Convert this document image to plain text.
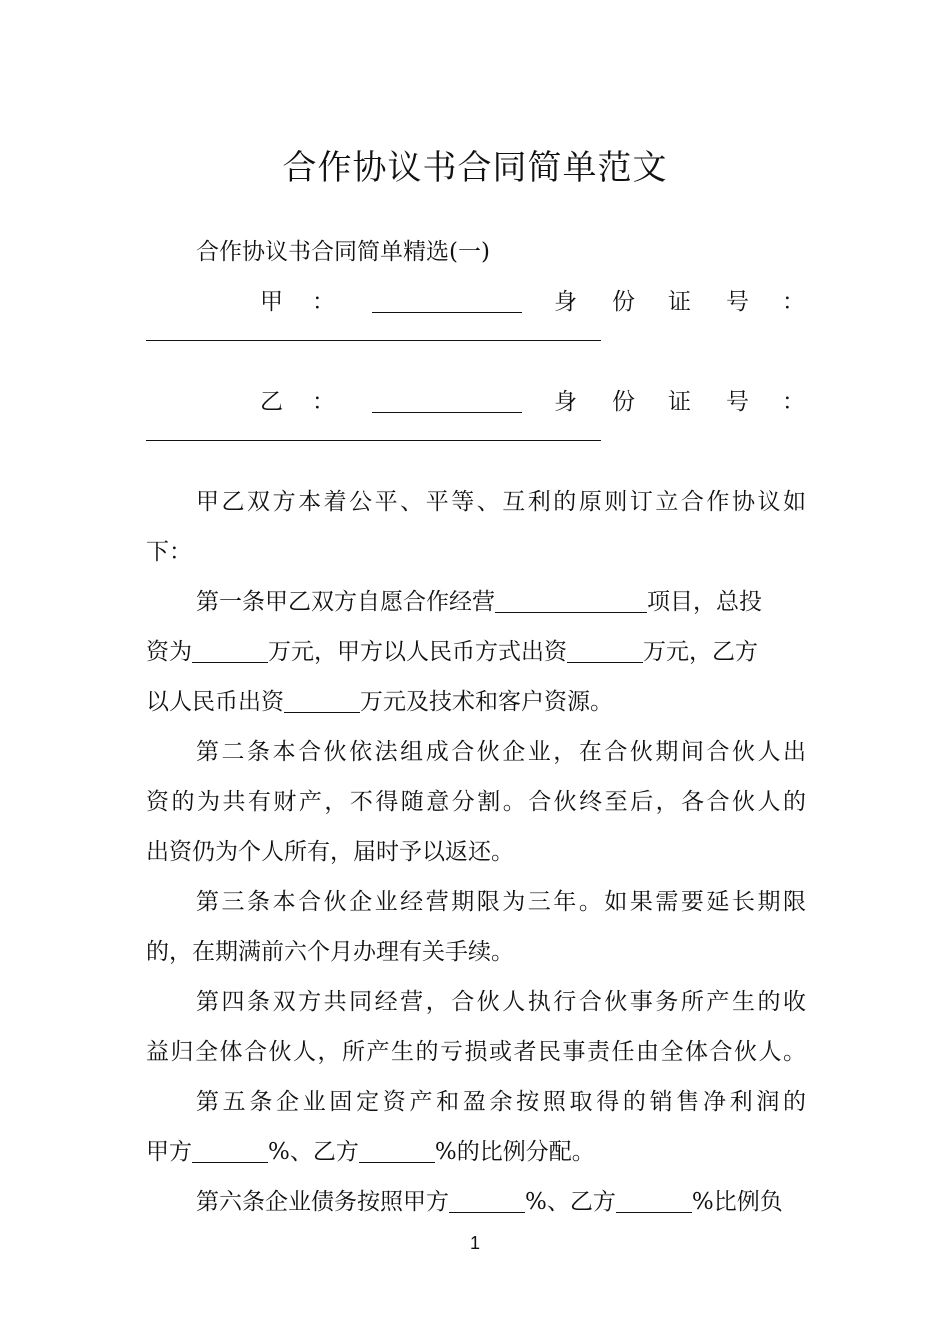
合作协议书合同简单范文
合作协议书合同简单精选(一)
甲 ：	身 份 证 号 ：
乙 ：	身 份 证 号 ：
甲乙双方本着公平、平等、互利的原则订立合作协议如
下：
第一条甲乙双方自愿合作经营	项目，总投
资为	万元，甲方以人民币方式出资	万元，乙方
以人民币出资	万元及技术和客户资源。
第二条本合伙依法组成合伙企业，在合伙期间合伙人出
资的为共有财产，不得随意分割。合伙终至后，各合伙人的
出资仍为个人所有，届时予以返还。
第三条本合伙企业经营期限为三年。如果需要延长期限
的，在期满前六个月办理有关手续。
第四条双方共同经营，合伙人执行合伙事务所产生的收
益归全体合伙人，所产生的亏损或者民事责任由全体合伙人。
第五条企业固定资产和盈余按照取得的销售净利润的
甲方	%、乙方	%的比例分配。
第六条企业债务按照甲方	%、乙方	%比例负
1
